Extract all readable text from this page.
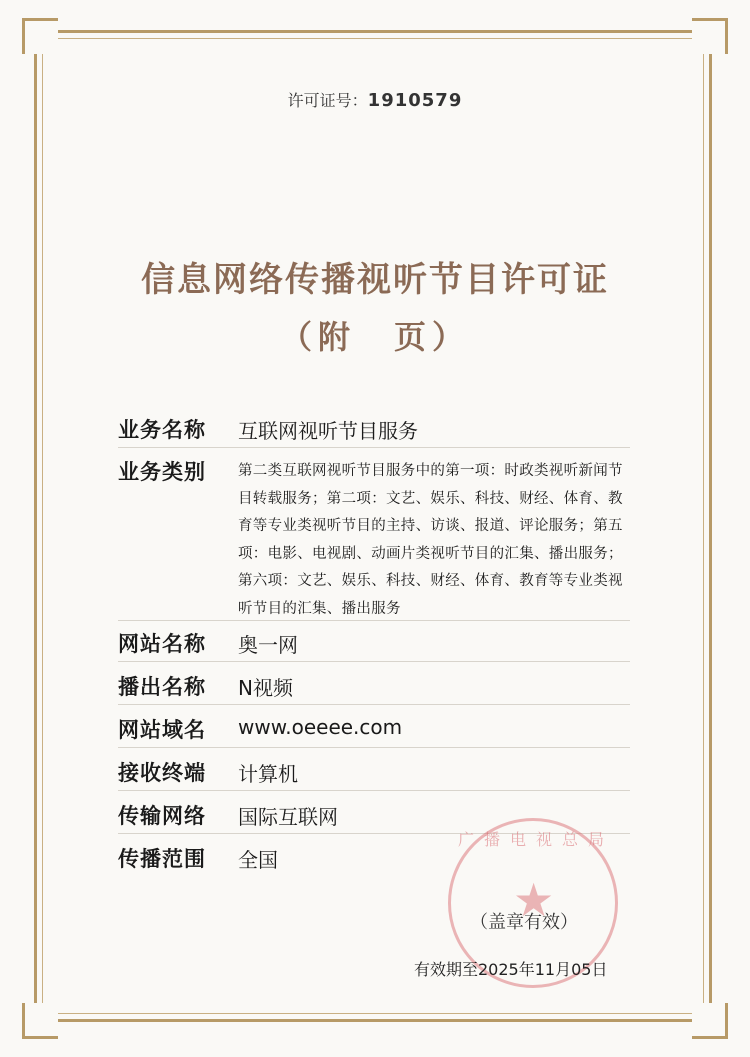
许可证号：1910579
信息网络传播视听节目许可证
（附　页）
业务名称 互联网视听节目服务
业务类别 第二类互联网视听节目服务中的第一项：时政类视听新闻节目转载服务；第二项：文艺、娱乐、科技、财经、体育、教育等专业类视听节目的主持、访谈、报道、评论服务；第五项：电影、电视剧、动画片类视听节目的汇集、播出服务；第六项：文艺、娱乐、科技、财经、体育、教育等专业类视听节目的汇集、播出服务
网站名称 奥一网
播出名称 N视频
网站域名 www.oeeee.com
接收终端 计算机
传输网络 国际互联网
传播范围 全国
广播电视总局
★
（盖章有效）
有效期至2025年11月05日
